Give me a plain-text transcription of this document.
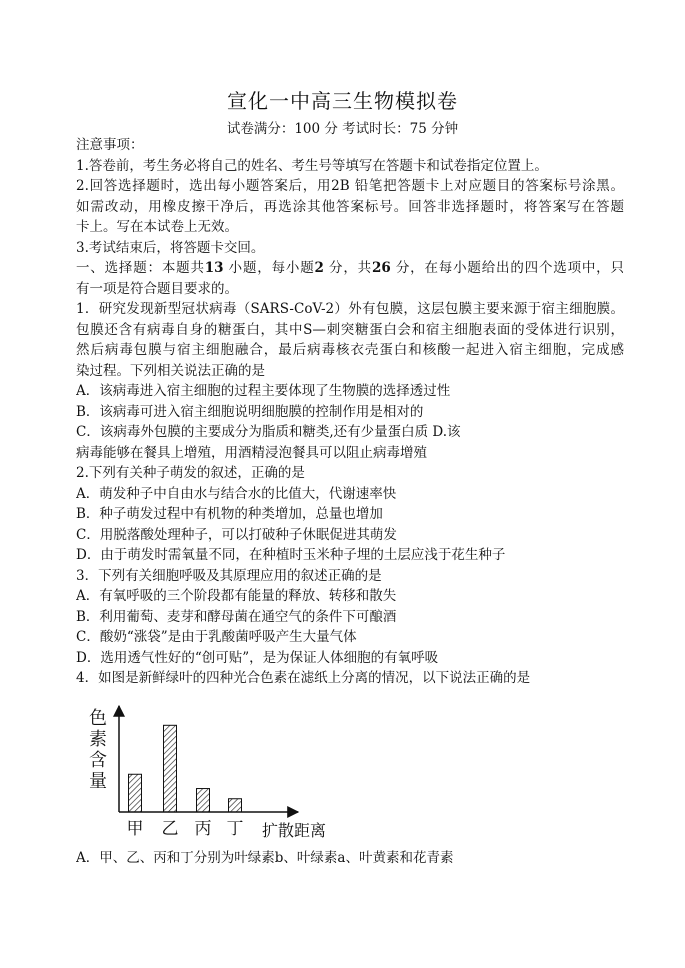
宣化一中高三生物模拟卷
试卷满分：100 分 考试时长：75 分钟
注意事项：
1.答卷前，考生务必将自己的姓名、考生号等填写在答题卡和试卷指定位置上。
2.回答选择题时，选出每小题答案后，用2B 铅笔把答题卡上对应题目的答案标号涂黑。
如需改动，用橡皮擦干净后，再选涂其他答案标号。回答非选择题时，将答案写在答题
卡上。写在本试卷上无效。
3.考试结束后，将答题卡交回。
一、选择题：本题共13 小题，每小题2 分，共26 分，在每小题给出的四个选项中，只
有一项是符合题目要求的。
1．研究发现新型冠状病毒（SARS-CoV-2）外有包膜，这层包膜主要来源于宿主细胞膜。
包膜还含有病毒自身的糖蛋白，其中S—刺突糖蛋白会和宿主细胞表面的受体进行识别，
然后病毒包膜与宿主细胞融合，最后病毒核衣壳蛋白和核酸一起进入宿主细胞，完成感
染过程。下列相关说法正确的是
A．该病毒进入宿主细胞的过程主要体现了生物膜的选择透过性
B．该病毒可进入宿主细胞说明细胞膜的控制作用是相对的
C．该病毒外包膜的主要成分为脂质和糖类,还有少量蛋白质 D.该
病毒能够在餐具上增殖，用酒精浸泡餐具可以阻止病毒增殖
2.下列有关种子萌发的叙述，正确的是
A．萌发种子中自由水与结合水的比值大，代谢速率快
B．种子萌发过程中有机物的种类增加，总量也增加
C．用脱落酸处理种子，可以打破种子休眠促进其萌发
D．由于萌发时需氧量不同，在种植时玉米种子埋的土层应浅于花生种子
3．下列有关细胞呼吸及其原理应用的叙述正确的是
A．有氧呼吸的三个阶段都有能量的释放、转移和散失
B．利用葡萄、麦芽和酵母菌在通空气的条件下可酿酒
C．酸奶“涨袋”是由于乳酸菌呼吸产生大量气体
D．选用透气性好的“创可贴”，是为保证人体细胞的有氧呼吸
4．如图是新鲜绿叶的四种光合色素在滤纸上分离的情况，以下说法正确的是
色
素
含
量
甲 乙 丙 丁 扩散距离
A．甲、乙、丙和丁分别为叶绿素b、叶绿素a、叶黄素和花青素
